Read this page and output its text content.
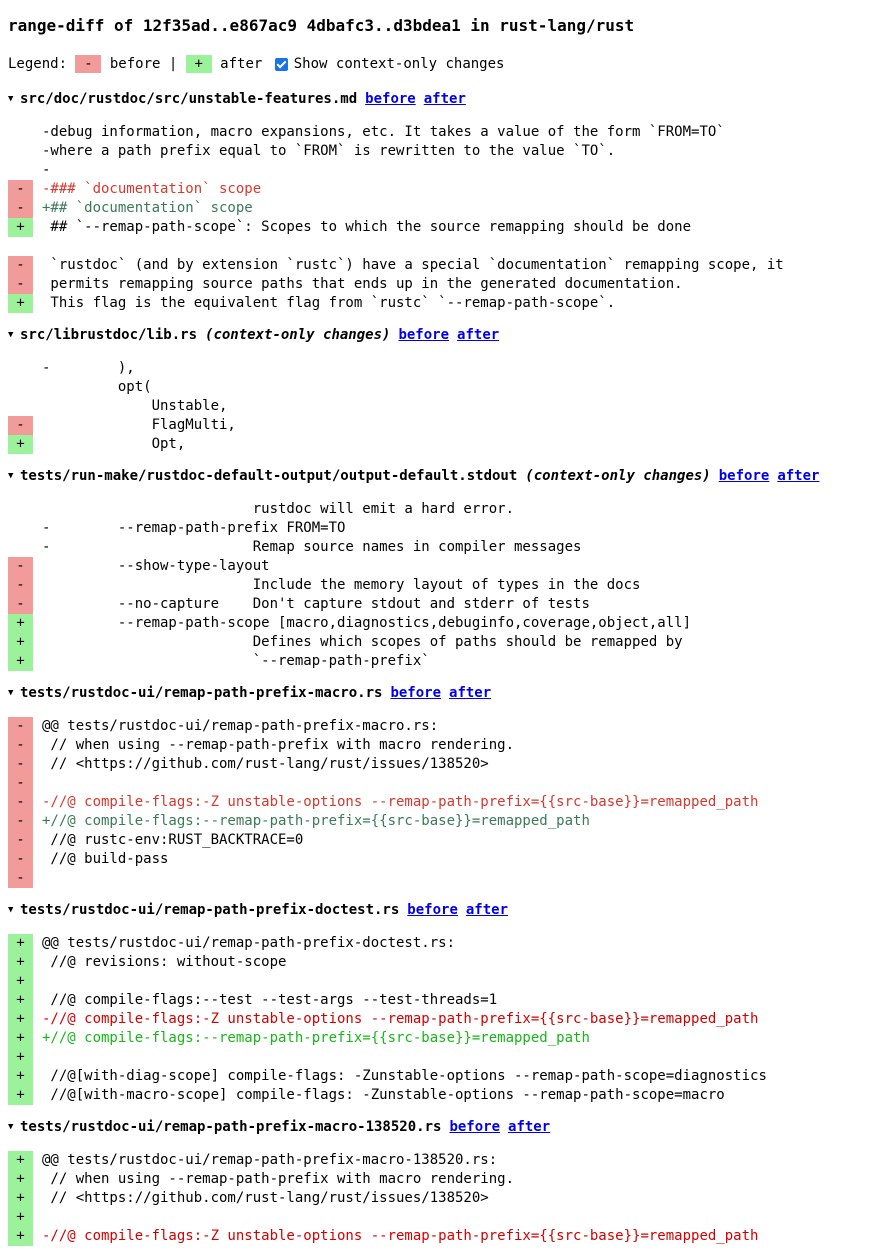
range-diff of 12f35ad..e867ac9 4dbafc3..d3bdea1 in rust-lang/rust
Legend: - before | + after Show context-only changes
▼ src/doc/rustdoc/src/unstable-features.md before after
-debug information, macro expansions, etc. It takes a value of the form `FROM=TO`
-where a path prefix equal to `FROM` is rewritten to the value `TO`.
-
-	-### `documentation` scope
-	+## `documentation` scope
+	## `--remap-path-scope`: Scopes to which the source remapping should be done
-	`rustdoc` (and by extension `rustc`) have a special `documentation` remapping scope, it
-	permits remapping source paths that ends up in the generated documentation.
+	This flag is the equivalent flag from `rustc` `--remap-path-scope`.
▼ src/librustdoc/lib.rs (context-only changes) before after
-        ),
opt(
Unstable,
-	FlagMulti,
+	Opt,
▼ tests/run-make/rustdoc-default-output/output-default.stdout (context-only changes) before after
rustdoc will emit a hard error.
-        --remap-path-prefix FROM=TO
-                        Remap source names in compiler messages
-	--show-type-layout
-	Include the memory layout of types in the docs
-	--no-capture    Don't capture stdout and stderr of tests
+	--remap-path-scope [macro,diagnostics,debuginfo,coverage,object,all]
+	Defines which scopes of paths should be remapped by
+	`--remap-path-prefix`
▼ tests/rustdoc-ui/remap-path-prefix-macro.rs before after
-	@@ tests/rustdoc-ui/remap-path-prefix-macro.rs:
-	// when using --remap-path-prefix with macro rendering.
-	// <https://github.com/rust-lang/rust/issues/138520>
-
-	-//@ compile-flags:-Z unstable-options --remap-path-prefix={{src-base}}=remapped_path
-	+//@ compile-flags:--remap-path-prefix={{src-base}}=remapped_path
-	//@ rustc-env:RUST_BACKTRACE=0
-	//@ build-pass
-
▼ tests/rustdoc-ui/remap-path-prefix-doctest.rs before after
+	@@ tests/rustdoc-ui/remap-path-prefix-doctest.rs:
+	//@ revisions: without-scope
+
+	//@ compile-flags:--test --test-args --test-threads=1
+	-//@ compile-flags:-Z unstable-options --remap-path-prefix={{src-base}}=remapped_path
+	+//@ compile-flags:--remap-path-prefix={{src-base}}=remapped_path
+
+	//@[with-diag-scope] compile-flags: -Zunstable-options --remap-path-scope=diagnostics
+	//@[with-macro-scope] compile-flags: -Zunstable-options --remap-path-scope=macro
▼ tests/rustdoc-ui/remap-path-prefix-macro-138520.rs before after
+	@@ tests/rustdoc-ui/remap-path-prefix-macro-138520.rs:
+	// when using --remap-path-prefix with macro rendering.
+	// <https://github.com/rust-lang/rust/issues/138520>
+
+	-//@ compile-flags:-Z unstable-options --remap-path-prefix={{src-base}}=remapped_path
